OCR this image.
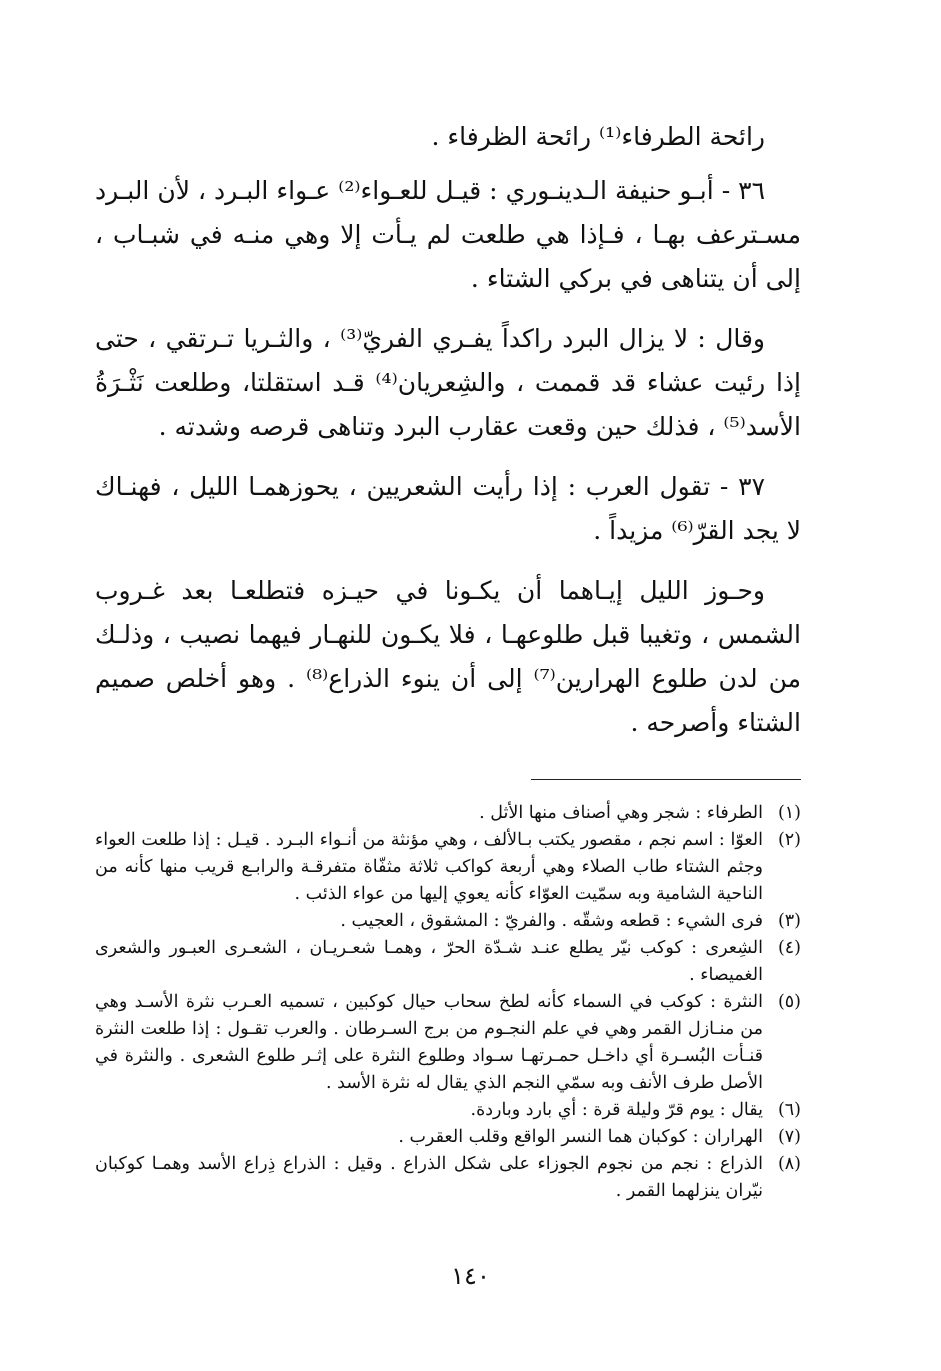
رائحة الطرفاء⁽¹⁾ رائحة الظرفاء .

٣٦ - أبـو حنيفة الـدينـوري : قيـل للعـواء⁽²⁾ عـواء البـرد ، لأن البـرد مسـترعف بهـا ، فـإذا هي طلعت لم يـأت إلا وهي منـه في شبـاب ، إلى أن يتناهى في بركي الشتاء .

وقال : لا يزال البرد راكداً يفـري الفريّ⁽³⁾ ، والثـريا تـرتقي ، حتى إذا رئيت عشاء قد قممت ، والشِعريان⁽⁴⁾ قـد استقلتا، وطلعت نَثْـرَةُ الأسد⁽⁵⁾ ، فذلك حين وقعت عقارب البرد وتناهى قرصه وشدته .

٣٧ - تقول العرب : إذا رأيت الشعريين ، يحوزهمـا الليل ، فهنـاك لا يجد القرّ⁽⁶⁾ مزيداً .

وحـوز الليل إيـاهما أن يكـونا في حيـزه فتطلعـا بعد غـروب الشمس ، وتغيبا قبل طلوعهـا ، فلا يكـون للنهـار فيهما نصيب ، وذلـك من لدن طلوع الهرارين⁽⁷⁾ إلى أن ينوء الذراع⁽⁸⁾ . وهو أخلص صميم الشتاء وأصرحه .

(١)الطرفاء : شجر وهي أصناف منها الأثل .
(٢)العوّا : اسم نجم ، مقصور يكتب بـالألف ، وهي مؤنثة من أنـواء البـرد . قيـل : إذا طلعت العواء وجثم الشتاء طاب الصلاء وهي أربعة كواكب ثلاثة مثفّاة متفرقـة والرابـع قريب منها كأنه من الناحية الشامية وبه سمّيت العوّاء كأنه يعوي إليها من عواء الذئب .
(٣)فرى الشيء : قطعه وشقّه . والفريّ : المشقوق ، العجيب .
(٤)الشِعرى : كوكب نيّر يطلع عنـد شـدّة الحرّ ، وهمـا شعـريـان ، الشعـرى العبـور والشعرى الغميصاء .
(٥)النثرة : كوكب في السماء كأنه لطخ سحاب حيال كوكبين ، تسميه العـرب نثرة الأسـد وهي من منـازل القمر وهي في علم النجـوم من برج السـرطان . والعرب تقـول : إذا طلعت النثرة قنـأت البُسـرة أي داخـل حمـرتهـا سـواد وطلوع النثرة على إثـر طلوع الشعرى . والنثرة في الأصل طرف الأنف وبه سمّي النجم الذي يقال له نثرة الأسد .
(٦)يقال : يوم قرّ وليلة قرة : أي بارد وباردة.
(٧)الهراران : كوكبان هما النسر الواقع وقلب العقرب .
(٨)الذراع : نجم من نجوم الجوزاء على شكل الذراع . وقيل : الذراع ذِراع الأسد وهمـا كوكبان نيّران ينزلهما القمر .
١٤٠
